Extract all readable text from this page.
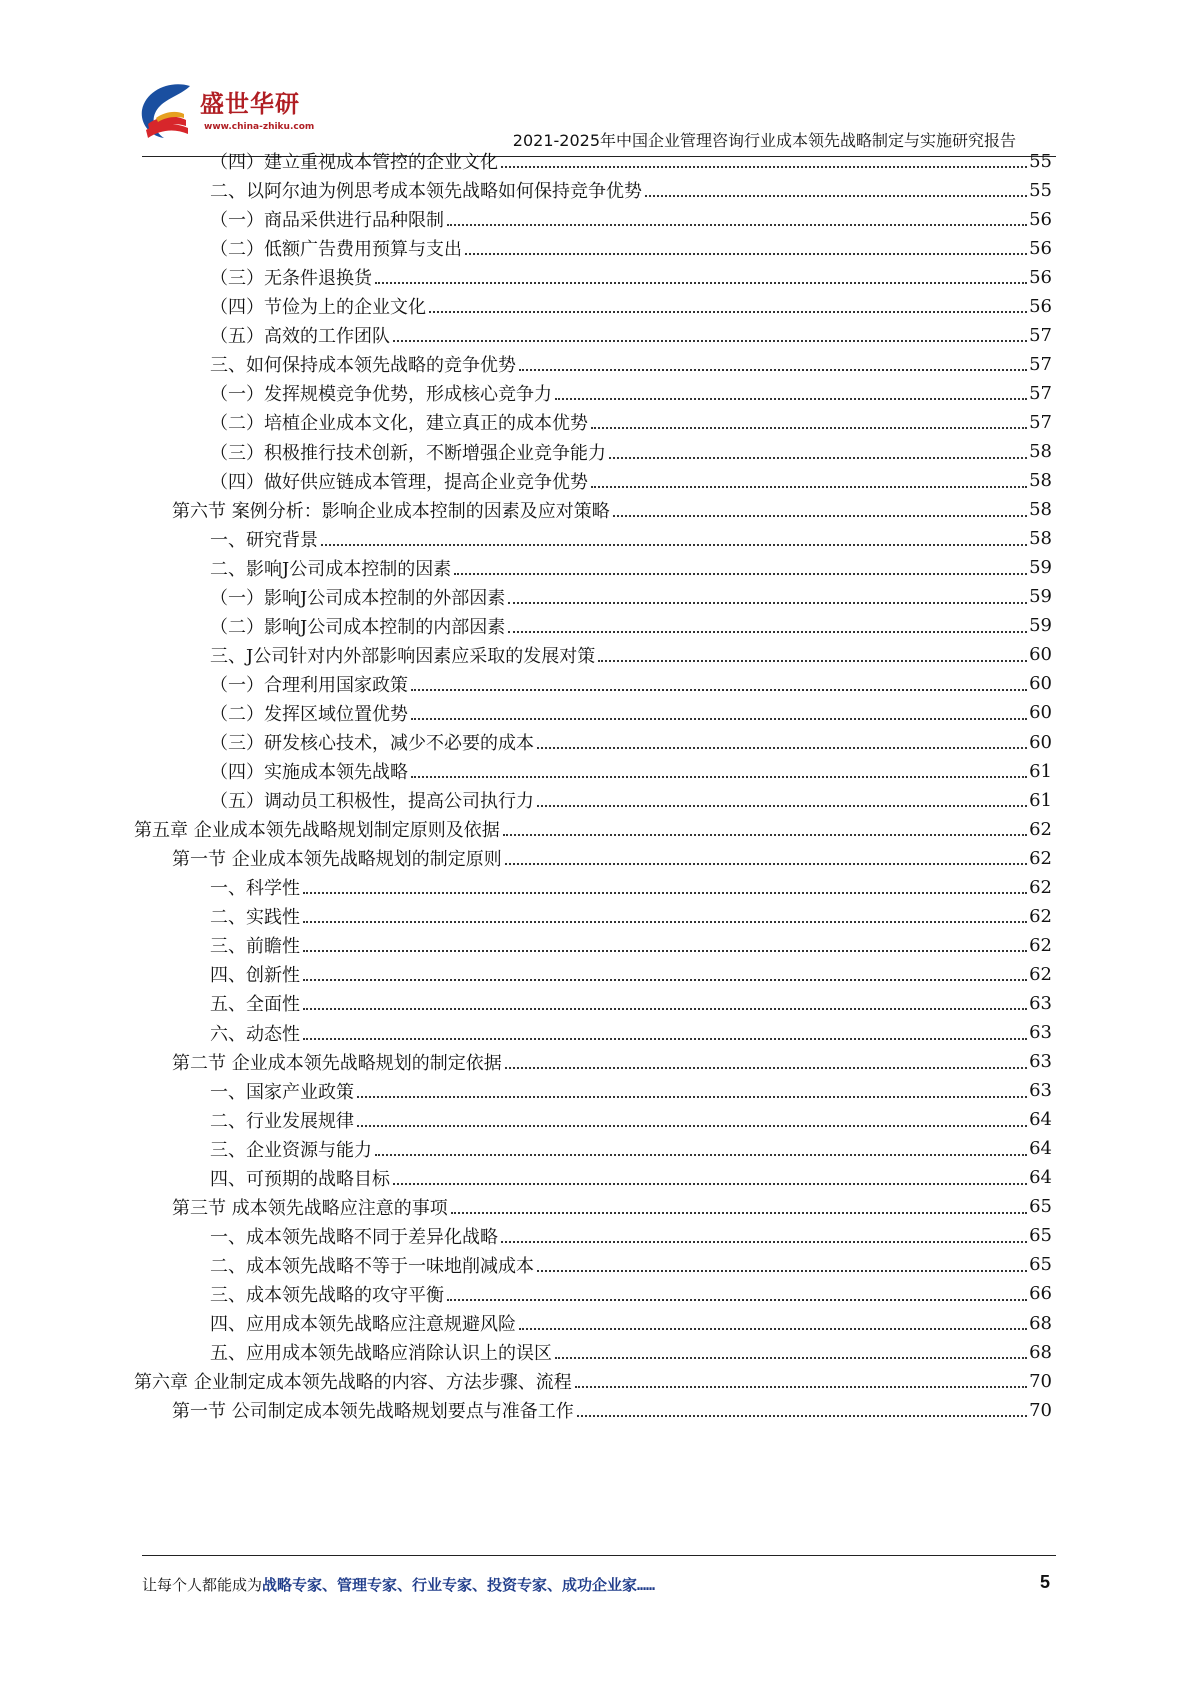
盛世华研
www.china-zhiku.com
2021-2025年中国企业管理咨询行业成本领先战略制定与实施研究报告
（四）建立重视成本管控的企业文化	55
二、以阿尔迪为例思考成本领先战略如何保持竞争优势	55
（一）商品采供进行品种限制	56
（二）低额广告费用预算与支出	56
（三）无条件退换货	56
（四）节俭为上的企业文化	56
（五）高效的工作团队	57
三、如何保持成本领先战略的竞争优势	57
（一）发挥规模竞争优势，形成核心竞争力	57
（二）培植企业成本文化，建立真正的成本优势	57
（三）积极推行技术创新，不断增强企业竞争能力	58
（四）做好供应链成本管理，提高企业竞争优势	58
第六节 案例分析：影响企业成本控制的因素及应对策略	58
一、研究背景	58
二、影响J公司成本控制的因素	59
（一）影响J公司成本控制的外部因素	59
（二）影响J公司成本控制的内部因素	59
三、J公司针对内外部影响因素应采取的发展对策	60
（一）合理利用国家政策	60
（二）发挥区域位置优势	60
（三）研发核心技术，减少不必要的成本	60
（四）实施成本领先战略	61
（五）调动员工积极性，提高公司执行力	61
第五章 企业成本领先战略规划制定原则及依据	62
第一节 企业成本领先战略规划的制定原则	62
一、科学性	62
二、实践性	62
三、前瞻性	62
四、创新性	62
五、全面性	63
六、动态性	63
第二节 企业成本领先战略规划的制定依据	63
一、国家产业政策	63
二、行业发展规律	64
三、企业资源与能力	64
四、可预期的战略目标	64
第三节 成本领先战略应注意的事项	65
一、成本领先战略不同于差异化战略	65
二、成本领先战略不等于一味地削减成本	65
三、成本领先战略的攻守平衡	66
四、应用成本领先战略应注意规避风险	68
五、应用成本领先战略应消除认识上的误区	68
第六章 企业制定成本领先战略的内容、方法步骤、流程	70
第一节 公司制定成本领先战略规划要点与准备工作	70
让每个人都能成为战略专家、管理专家、行业专家、投资专家、成功企业家……	5
